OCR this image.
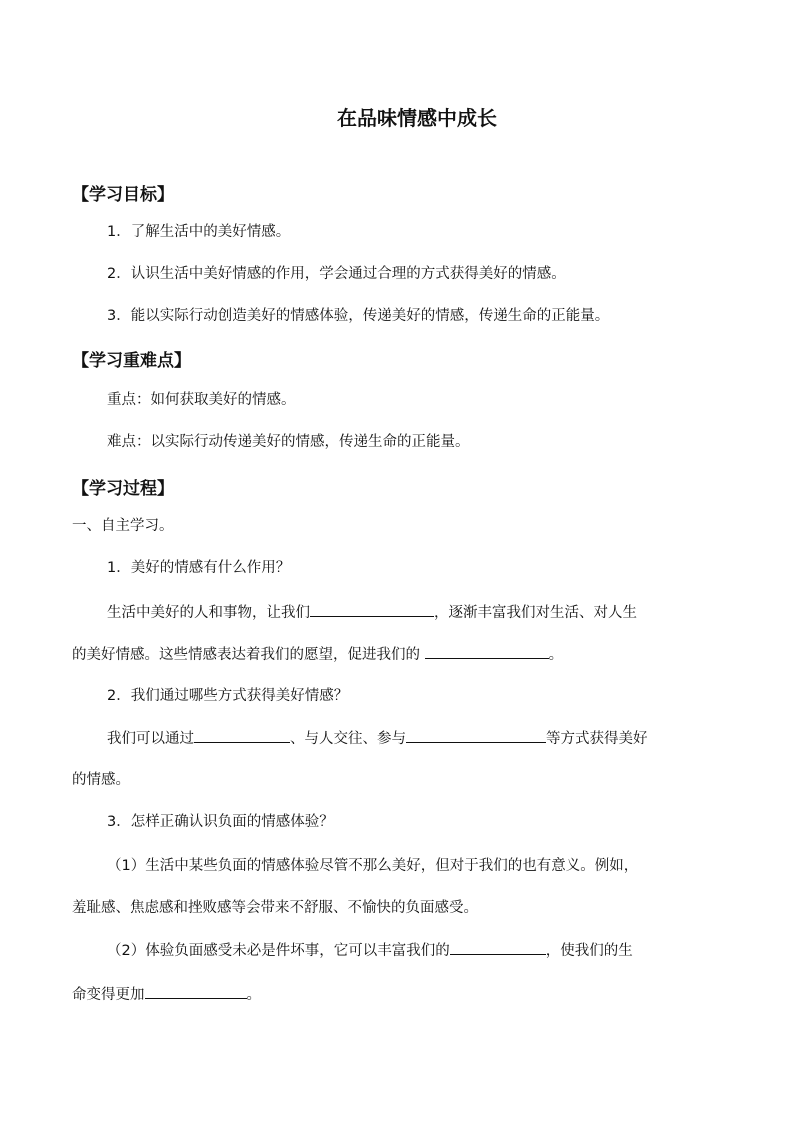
在品味情感中成长
【学习目标】
1．了解生活中的美好情感。
2．认识生活中美好情感的作用，学会通过合理的方式获得美好的情感。
3．能以实际行动创造美好的情感体验，传递美好的情感，传递生命的正能量。
【学习重难点】
重点：如何获取美好的情感。
难点：以实际行动传递美好的情感，传递生命的正能量。
【学习过程】
一、自主学习。
1．美好的情感有什么作用？
生活中美好的人和事物，让我们	，逐渐丰富我们对生活、对人生
的美好情感。这些情感表达着我们的愿望，促进我们的	。
2．我们通过哪些方式获得美好情感？
我们可以通过	、与人交往、参与	等方式获得美好
的情感。
3．怎样正确认识负面的情感体验？
（1）生活中某些负面的情感体验尽管不那么美好，但对于我们的也有意义。例如，
羞耻感、焦虑感和挫败感等会带来不舒服、不愉快的负面感受。
（2）体验负面感受未必是件坏事，它可以丰富我们的	，使我们的生
命变得更加	。
